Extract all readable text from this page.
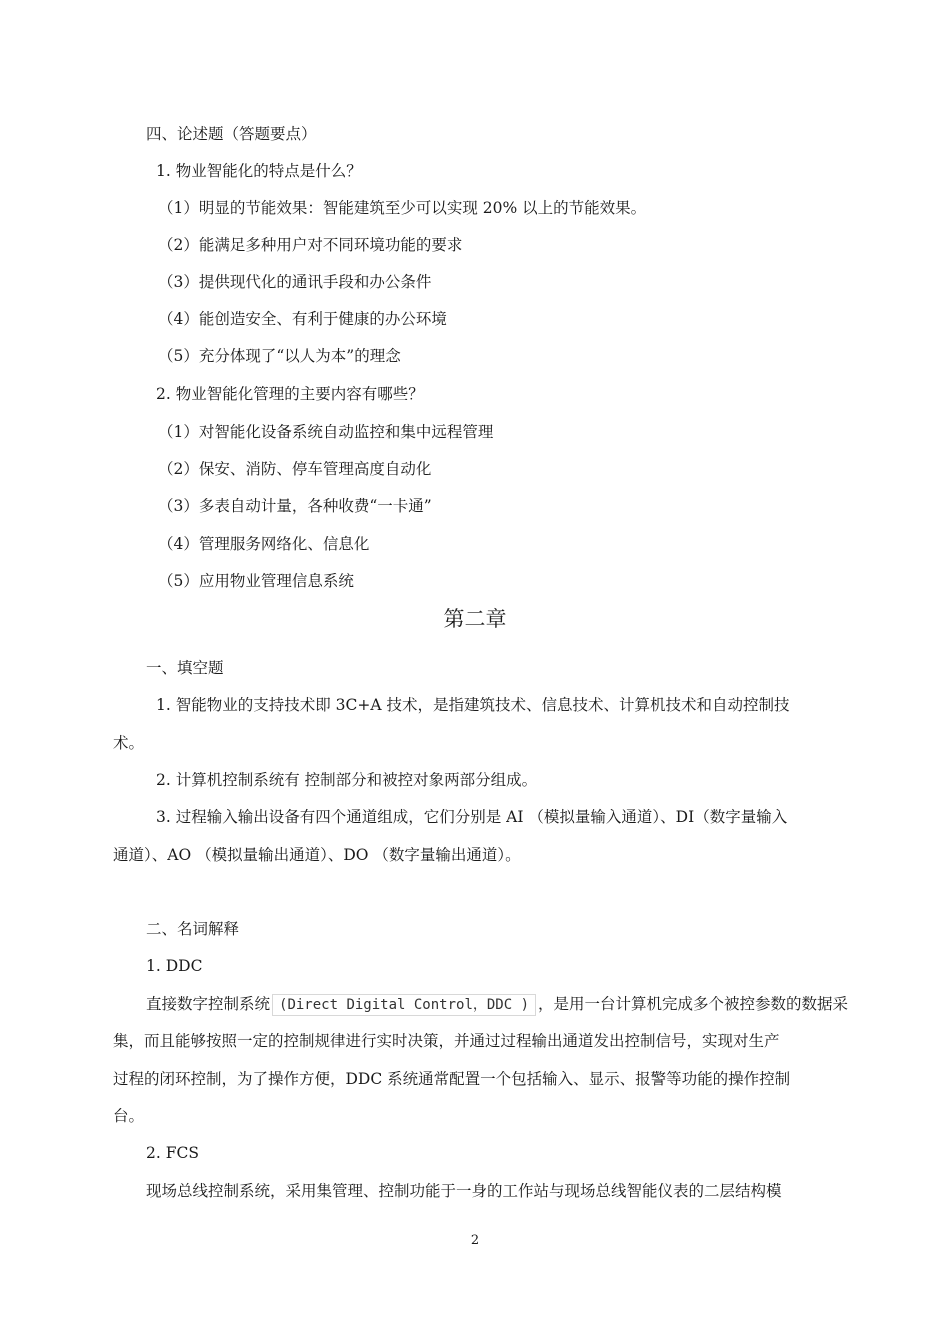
四、论述题（答题要点）
1. 物业智能化的特点是什么？
（1）明显的节能效果：智能建筑至少可以实现 20% 以上的节能效果。
（2）能满足多种用户对不同环境功能的要求
（3）提供现代化的通讯手段和办公条件
（4）能创造安全、有利于健康的办公环境
（5）充分体现了“以人为本”的理念
2. 物业智能化管理的主要内容有哪些？
（1）对智能化设备系统自动监控和集中远程管理
（2）保安、消防、停车管理高度自动化
（3）多表自动计量，各种收费“一卡通”
（4）管理服务网络化、信息化
（5）应用物业管理信息系统
第二章
一、填空题
1. 智能物业的支持技术即 3C+A 技术，是指建筑技术、信息技术、计算机技术和自动控制技
术。
2. 计算机控制系统有 控制部分和被控对象两部分组成。
3. 过程输入输出设备有四个通道组成，它们分别是 AI （模拟量输入通道）、DI（数字量输入
通道）、AO （模拟量输出通道）、DO （数字量输出通道）。
二、名词解释
1. DDC
直接数字控制系统 (Direct Digital Control，DDC ) ，是用一台计算机完成多个被控参数的数据采
集，而且能够按照一定的控制规律进行实时决策，并通过过程输出通道发出控制信号，实现对生产
过程的闭环控制，为了操作方便，DDC 系统通常配置一个包括输入、显示、报警等功能的操作控制
台。
2. FCS
现场总线控制系统，采用集管理、控制功能于一身的工作站与现场总线智能仪表的二层结构模
2
